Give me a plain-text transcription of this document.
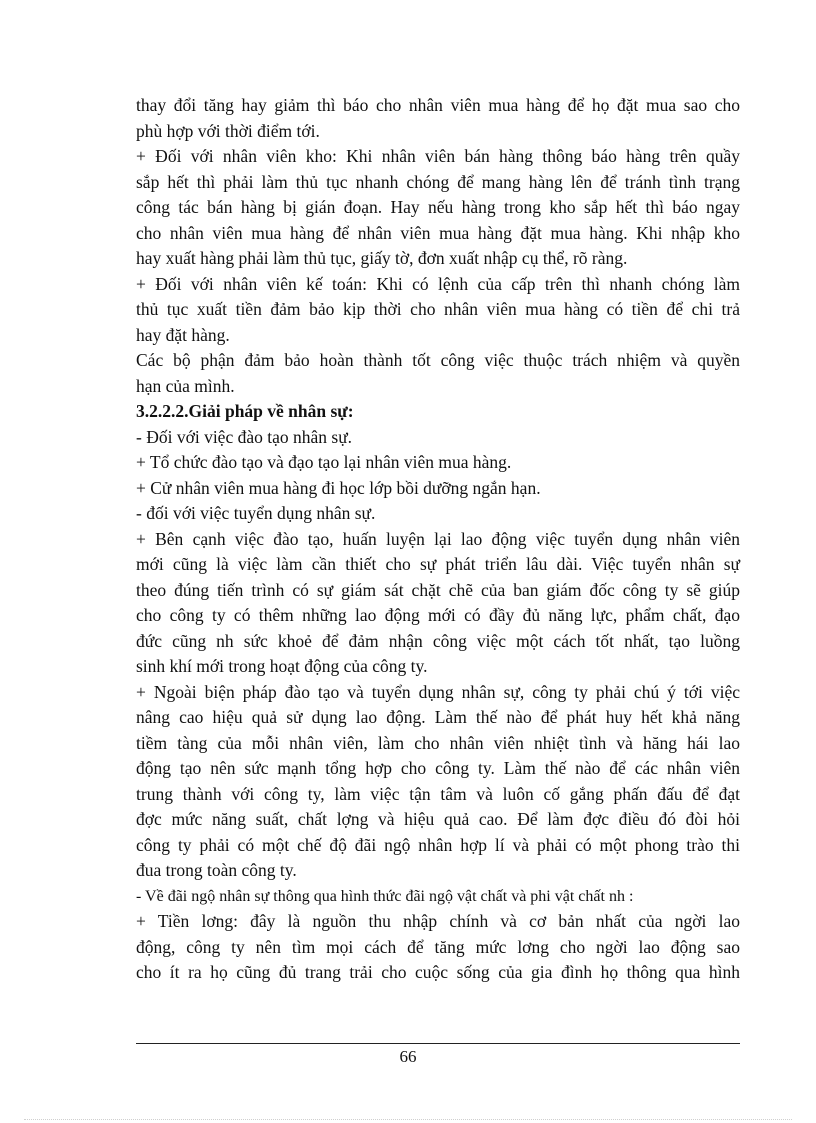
thay đổi tăng hay giảm thì báo cho nhân viên mua hàng để họ đặt mua sao cho
phù hợp với thời điểm tới.
+ Đối với nhân viên kho: Khi nhân viên bán hàng thông báo hàng trên quầy
sắp hết thì phải làm thủ tục nhanh chóng để mang hàng lên để tránh tình trạng
công tác bán hàng bị gián đoạn. Hay nếu hàng trong kho sắp hết thì báo ngay
cho nhân viên mua hàng để nhân viên mua hàng đặt mua hàng. Khi nhập kho
hay xuất hàng phải làm thủ tục, giấy tờ, đơn xuất nhập cụ thể, rõ ràng.
+ Đối với nhân viên kế toán: Khi có lệnh của cấp trên thì nhanh chóng làm
thủ tục xuất tiền đảm bảo kịp thời cho nhân viên mua hàng có tiền để chi trả
hay đặt hàng.
Các bộ phận đảm bảo hoàn thành tốt công việc thuộc trách nhiệm và quyền
hạn của mình.
3.2.2.2.Giải pháp về nhân sự:
- Đối với việc đào tạo nhân sự.
+ Tổ chức đào tạo và đạo tạo lại nhân viên mua hàng.
+ Cử nhân viên mua hàng đi học lớp bồi dưỡng ngắn hạn.
- đối với việc tuyển dụng nhân sự.
+ Bên cạnh việc đào tạo, huấn luyện lại lao động việc tuyển dụng nhân viên
mới cũng là việc làm cần thiết cho sự phát triển lâu dài. Việc tuyển nhân sự
theo đúng tiến trình có sự giám sát chặt chẽ của ban giám đốc công ty sẽ giúp
cho công ty có thêm những lao động mới có đầy đủ năng lực, phẩm chất, đạo
đức cũng nh sức khoẻ để đảm nhận công việc một cách tốt nhất, tạo luồng
sinh khí mới trong hoạt động của công ty.
+ Ngoài biện pháp đào tạo và tuyển dụng nhân sự, công ty phải chú ý tới việc
nâng cao hiệu quả sử dụng lao động. Làm thế nào để phát huy hết khả năng
tiềm tàng của mỗi nhân viên, làm cho nhân viên nhiệt tình và hăng hái lao
động tạo nên sức mạnh tổng hợp cho công ty. Làm thế nào để các nhân viên
trung thành với công ty, làm việc tận tâm và luôn cố gắng phấn đấu để đạt
đợc mức năng suất, chất lợng và hiệu quả cao. Để làm đợc điều đó đòi hỏi
công ty phải có một chế độ đãi ngộ nhân hợp lí và phải có một phong trào thi
đua trong toàn công ty.
- Về đãi ngộ nhân sự thông qua hình thức đãi ngộ vật chất và phi vật chất nh :
+ Tiền lơng: đây là nguồn thu nhập chính và cơ bản nhất của ngời lao
động, công ty nên tìm mọi cách để tăng mức lơng cho ngời lao động sao
cho ít ra họ cũng đủ trang trải cho cuộc sống của gia đình họ thông qua hình
66
